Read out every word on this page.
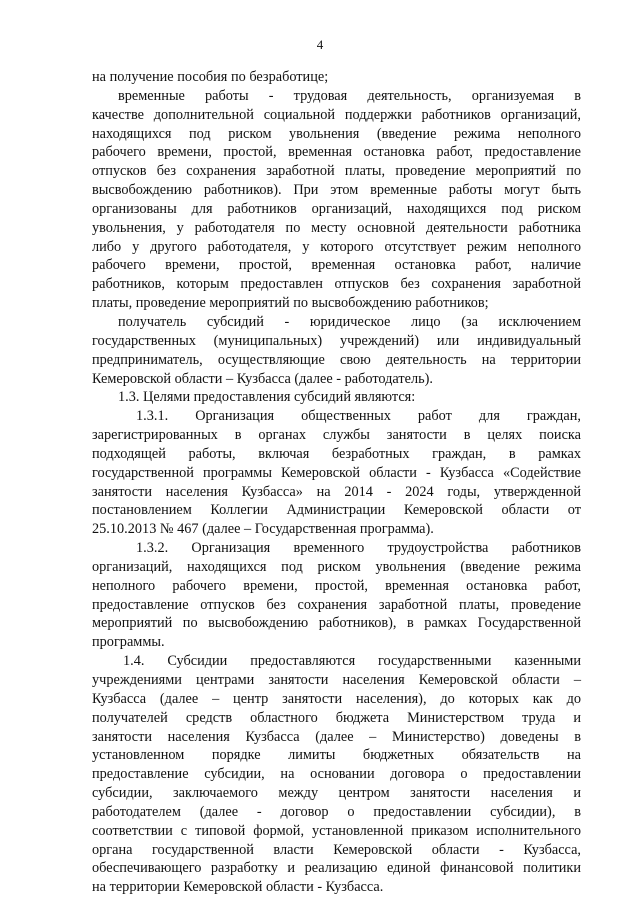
4

на получение пособия по безработице;

временные работы - трудовая деятельность, организуемая в

качестве дополнительной социальной поддержки работников организаций,

находящихся под риском увольнения (введение режима неполного

рабочего времени, простой, временная остановка работ, предоставление

отпусков без сохранения заработной платы, проведение мероприятий по

высвобождению работников). При этом временные работы могут быть

организованы для работников организаций, находящихся под риском

увольнения, у работодателя по месту основной деятельности работника

либо у другого работодателя, у которого отсутствует режим неполного

рабочего времени, простой, временная остановка работ, наличие

работников, которым предоставлен отпусков без сохранения заработной

платы, проведение мероприятий по высвобождению работников;

получатель субсидий - юридическое лицо (за исключением

государственных (муниципальных) учреждений) или индивидуальный

предприниматель, осуществляющие свою деятельность на территории

Кемеровской области – Кузбасса (далее - работодатель).

1.3. Целями предоставления субсидий являются:

1.3.1. Организация общественных работ для граждан,

зарегистрированных в органах службы занятости в целях поиска

подходящей работы, включая безработных граждан, в рамках

государственной программы Кемеровской области - Кузбасса «Содействие

занятости населения Кузбасса» на 2014 - 2024 годы, утвержденной

постановлением Коллегии Администрации Кемеровской области от

25.10.2013 № 467 (далее – Государственная программа).

1.3.2. Организация временного трудоустройства работников

организаций, находящихся под риском увольнения (введение режима

неполного рабочего времени, простой, временная остановка работ,

предоставление отпусков без сохранения заработной платы, проведение

мероприятий по высвобождению работников), в рамках Государственной

программы.

1.4. Субсидии предоставляются государственными казенными

учреждениями центрами занятости населения Кемеровской области –

Кузбасса (далее – центр занятости населения), до которых как до

получателей средств областного бюджета Министерством труда и

занятости населения Кузбасса (далее – Министерство) доведены в

установленном порядке лимиты бюджетных обязательств на

предоставление субсидии, на основании договора о предоставлении

субсидии, заключаемого между центром занятости населения и

работодателем (далее - договор о предоставлении субсидии), в

соответствии с типовой формой, установленной приказом исполнительного

органа государственной власти Кемеровской области - Кузбасса,

обеспечивающего разработку и реализацию единой финансовой политики

на территории Кемеровской области - Кузбасса.
